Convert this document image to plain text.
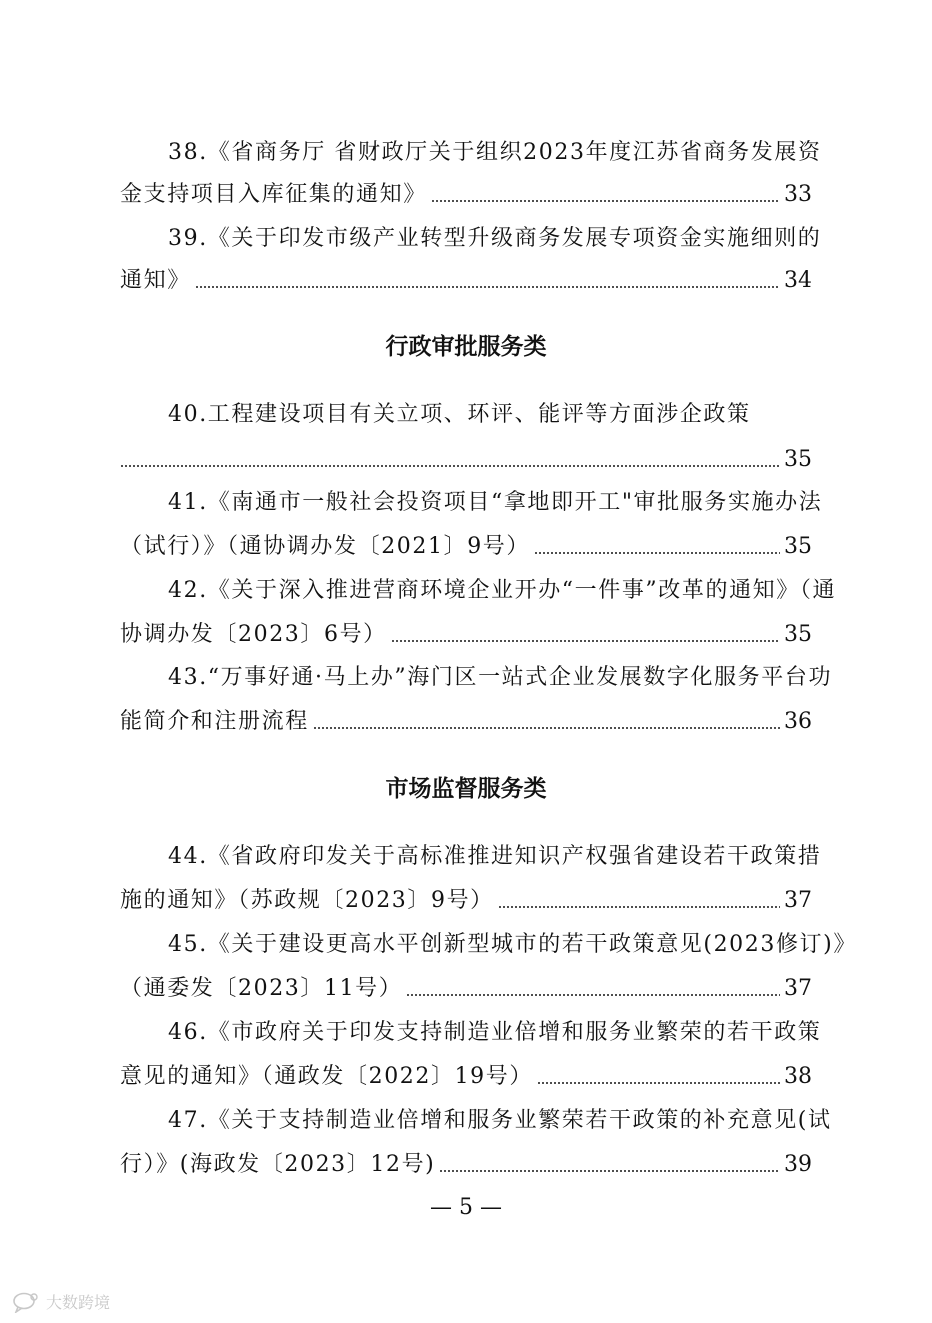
38.《省商务厅 省财政厅关于组织2023年度江苏省商务发展资
金支持项目入库征集的通知》	33
39.《关于印发市级产业转型升级商务发展专项资金实施细则的
通知》	34
行政审批服务类
40.工程建设项目有关立项、环评、能评等方面涉企政策
35
41.《南通市一般社会投资项目“拿地即开工"审批服务实施办法
（试行）》（通协调办发〔2021〕9号）	35
42.《关于深入推进营商环境企业开办“一件事”改革的通知》（通
协调办发〔2023〕6号）	35
43.“万事好通·马上办”海门区一站式企业发展数字化服务平台功
能简介和注册流程	36
市场监督服务类
44.《省政府印发关于高标准推进知识产权强省建设若干政策措
施的通知》（苏政规〔2023〕9号）	37
45.《关于建设更高水平创新型城市的若干政策意见(2023修订)》
（通委发〔2023〕11号）	37
46.《市政府关于印发支持制造业倍增和服务业繁荣的若干政策
意见的通知》（通政发〔2022〕19号）	38
47.《关于支持制造业倍增和服务业繁荣若干政策的补充意见(试
行）》(海政发〔2023〕12号)	39
— 5 —
大数跨境
